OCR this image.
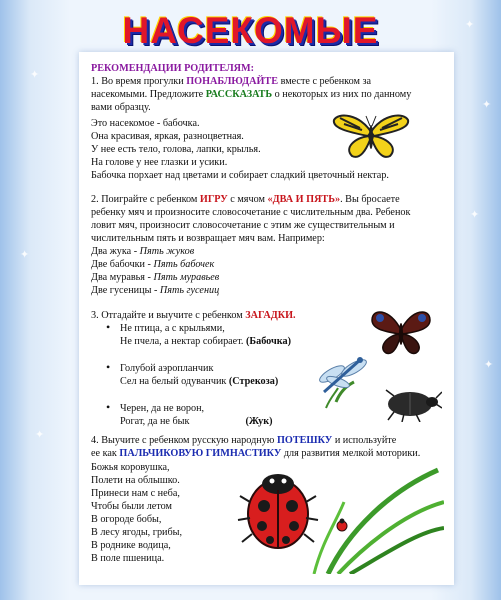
✦
✦
✦
✦
✦
✦
✦
НАСЕКОМЫЕ
РЕКОМЕНДАЦИИ РОДИТЕЛЯМ:
1. Во время прогулки ПОНАБЛЮДАЙТЕ вместе с ребенком за
насекомыми. Предложите РАССКАЗАТЬ о некоторых из них по данному
вами образцу.
Это насекомое - бабочка.
Она красивая, яркая, разноцветная.
У нее есть тело, голова, лапки, крылья.
На голове у нее глазки и усики.
Бабочка порхает над цветами и собирает сладкий цветочный нектар.
2. Поиграйте с ребенком ИГРУ с мячом «ДВА И ПЯТЬ». Вы бросаете
ребенку мяч и произносите словосочетание с числительным два. Ребенок
ловит мяч, произносит словосочетание с этим же существительным и
числительным пять и возвращает мяч вам. Например:
Два жука - Пять жуков
Две бабочки - Пять бабочек
Два муравья - Пять муравьев
Две гусеницы - Пять гусениц
3. Отгадайте и выучите с ребенком ЗАГАДКИ.
• Не птица, а с крыльями,
Не пчела, а нектар собирает. (Бабочка)
• Голубой аэропланчик
Сел на белый одуванчик (Стрекоза)
• Черен, да не ворон,
Рогат, да не бык	(Жук)
4. Выучите с ребенком русскую народную ПОТЕШКУ и используйте
ее как ПАЛЬЧИКОВУЮ ГИМНАСТИКУ для развития мелкой моторики.
Божья коровушка,
Полети на облышко.
Принеси нам с неба,
Чтобы были летом
В огороде бобы,
В лесу ягоды, грибы,
В роднике водица,
В поле пшеница.
